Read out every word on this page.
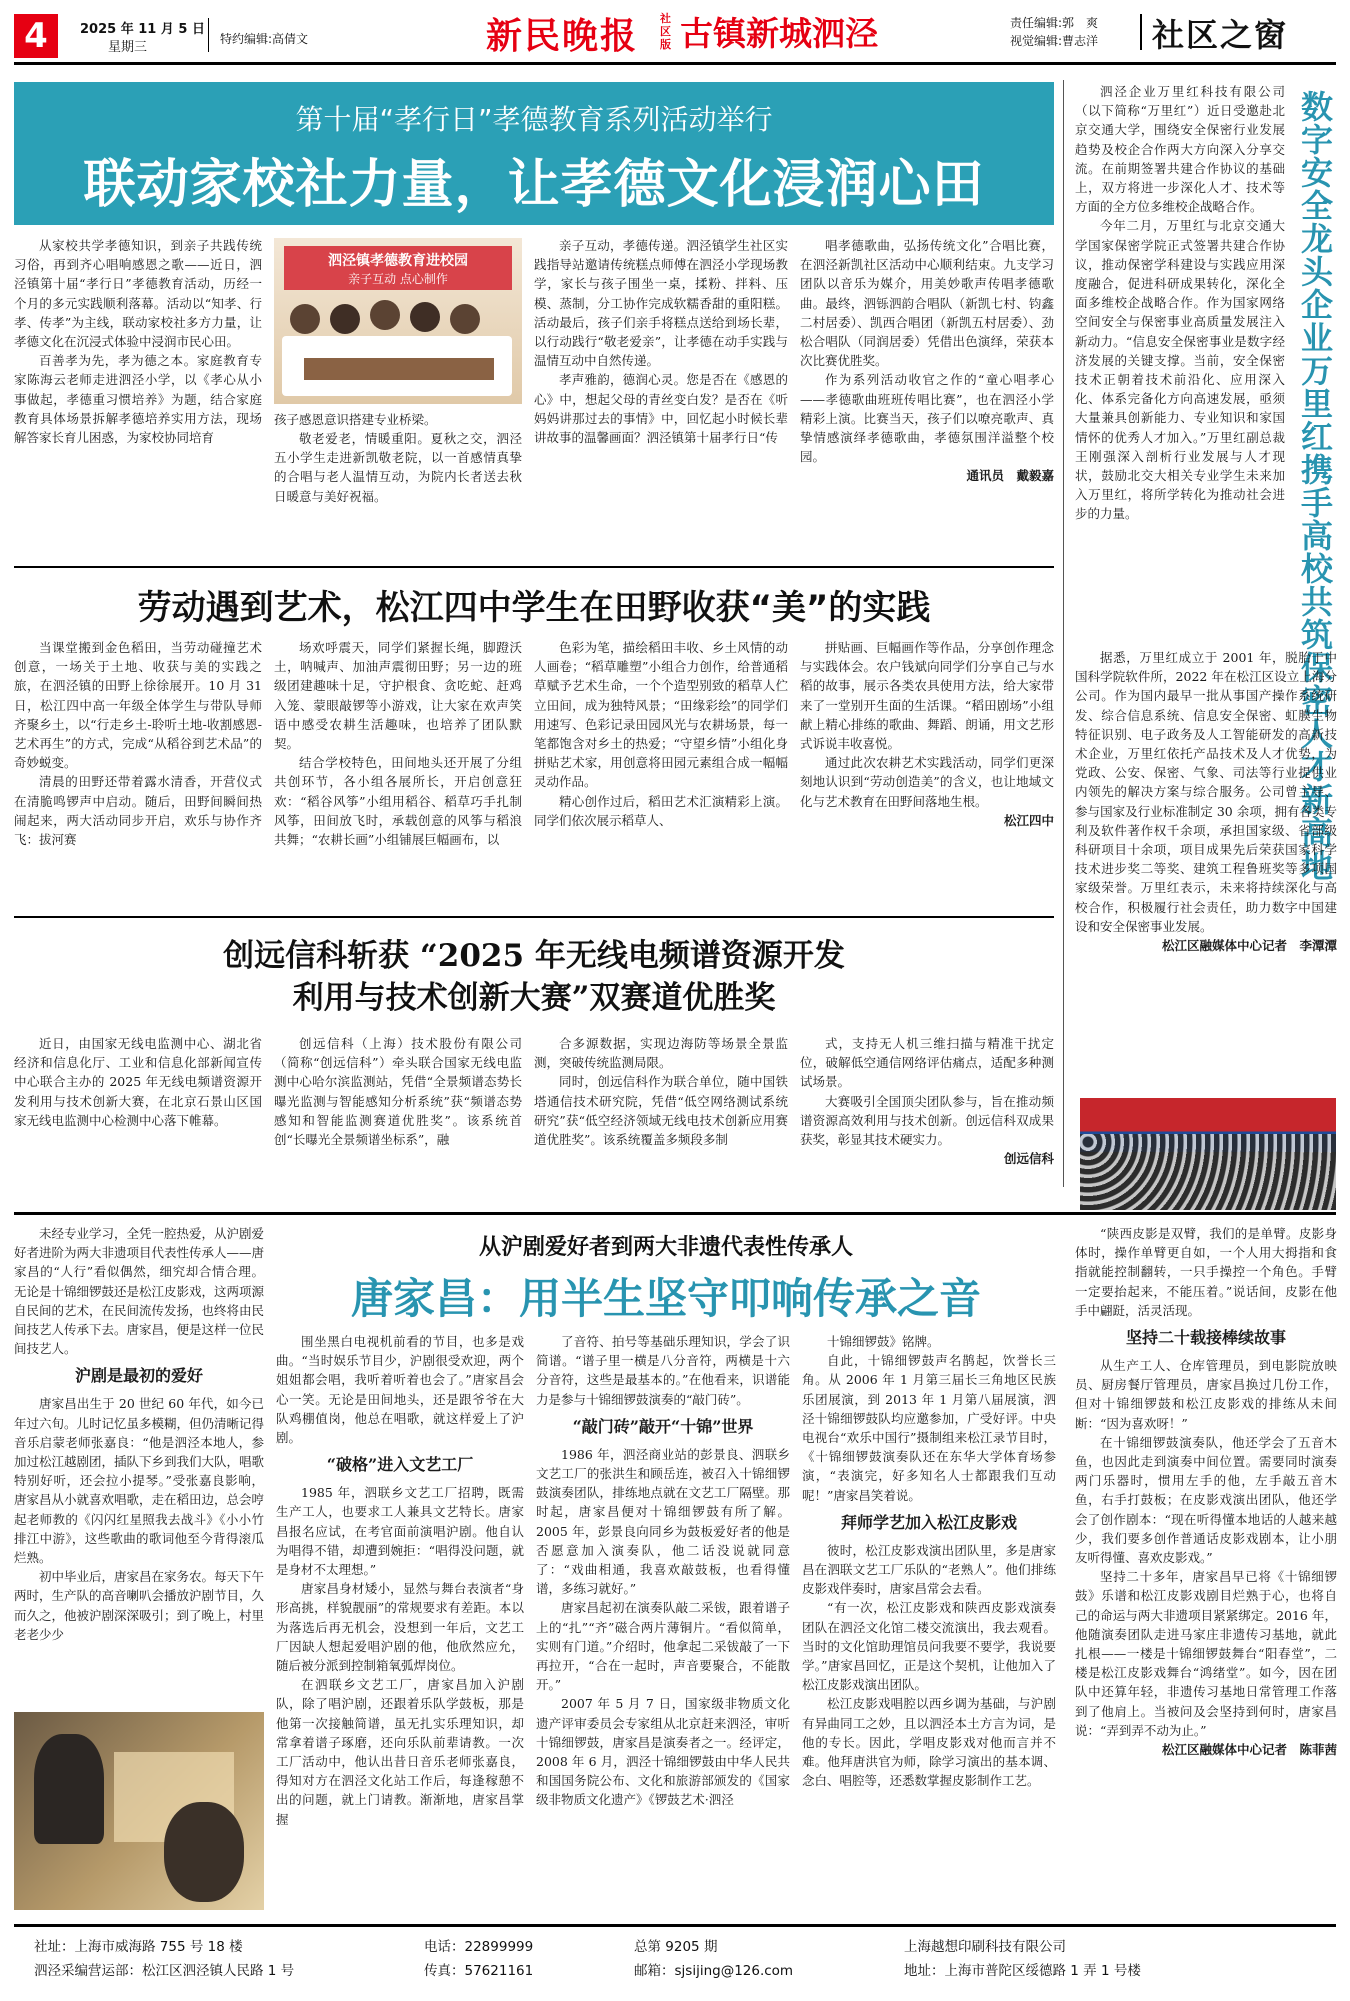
4	2025 年 11 月 5 日
星期三
特约编辑:高倩文	新民晚报 社区版 古镇新城泗泾	责任编辑:郭　爽
视觉编辑:曹志洋 社区之窗
第十届“孝行日”孝德教育系列活动举行
联动家校社力量，让孝德文化浸润心田

从家校共学孝德知识，到亲子共践传统习俗，再到齐心唱响感恩之歌——近日，泗泾镇第十届“孝行日”孝德教育活动，历经一个月的多元实践顺利落幕。活动以“知孝、行孝、传孝”为主线，联动家校社多方力量，让孝德文化在沉浸式体验中浸润市民心田。

百善孝为先，孝为德之本。家庭教育专家陈海云老师走进泗泾小学，以《孝心从小事做起，孝德重习惯培养》为题，结合家庭教育具体场景拆解孝德培养实用方法，现场解答家长育儿困惑，为家校协同培育

泗泾镇孝德教育进校园
亲子互动 点心制作
孩子感恩意识搭建专业桥梁。

敬老爱老，情暖重阳。夏秋之交，泗泾五小学生走进新凯敬老院，以一首感情真挚的合唱与老人温情互动，为院内长者送去秋日暖意与美好祝福。

亲子互动，孝德传递。泗泾镇学生社区实践指导站邀请传统糕点师傅在泗泾小学现场教学，家长与孩子围坐一桌，揉粉、拌料、压模、蒸制，分工协作完成软糯香甜的重阳糕。活动最后，孩子们亲手将糕点送给到场长辈，以行动践行“敬老爱亲”，让孝德在动手实践与温情互动中自然传递。

孝声雅韵，德润心灵。您是否在《感恩的心》中，想起父母的青丝变白发？是否在《听妈妈讲那过去的事情》中，回忆起小时候长辈讲故事的温馨画面？泗泾镇第十届孝行日“传

唱孝德歌曲，弘扬传统文化”合唱比赛，在泗泾新凯社区活动中心顺利结束。九支学习团队以音乐为媒介，用美妙歌声传唱孝德歌曲。最终，泗铄泗韵合唱队（新凯七村、钧鑫二村居委）、凯西合唱团（新凯五村居委）、劲松合唱队（同润居委）凭借出色演绎，荣获本次比赛优胜奖。

作为系列活动收官之作的“童心唱孝心——孝德歌曲班班传唱比赛”，也在泗泾小学精彩上演。比赛当天，孩子们以嘹亮歌声、真挚情感演绎孝德歌曲，孝德氛围洋溢整个校园。

通讯员　戴毅嘉

泗泾企业万里红科技有限公司（以下简称“万里红”）近日受邀赴北京交通大学，围绕安全保密行业发展趋势及校企合作两大方向深入分享交流。在前期签署共建合作协议的基础上，双方将进一步深化人才、技术等方面的全方位多维校企战略合作。

今年二月，万里红与北京交通大学国家保密学院正式签署共建合作协议，推动保密学科建设与实践应用深度融合，促进科研成果转化，深化全面多维校企战略合作。作为国家网络空间安全与保密事业高质量发展注入新动力。“信息安全保密事业是数字经济发展的关键支撑。当前，安全保密技术正朝着技术前沿化、应用深入化、体系完备化方向高速发展，亟须大量兼具创新能力、专业知识和家国情怀的优秀人才加入。”万里红副总裁王刚强深入剖析行业发展与人才现状，鼓励北交大相关专业学生未来加入万里红，将所学转化为推动社会进步的力量。	数字安全龙头企业万里红携手高校共筑保密人才新高地

据悉，万里红成立于 2001 年，脱胎于中国科学院软件所，2022 年在松江区设立上海分公司。作为国内最早一批从事国产操作系统研发、综合信息系统、信息安全保密、虹膜生物特征识别、电子政务及人工智能研发的高新技术企业，万里红依托产品技术及人才优势，为党政、公安、保密、气象、司法等行业提供业内领先的解决方案与综合服务。公司曾主导、参与国家及行业标准制定 30 余项，拥有各类专利及软件著作权千余项，承担国家级、省部级科研项目十余项，项目成果先后荣获国家科学技术进步奖二等奖、建筑工程鲁班奖等多项国家级荣誉。万里红表示，未来将持续深化与高校合作，积极履行社会责任，助力数字中国建设和安全保密事业发展。

松江区融媒体中心记者　李潭潭
劳动遇到艺术，松江四中学生在田野收获“美”的实践

当课堂搬到金色稻田，当劳动碰撞艺术创意，一场关于土地、收获与美的实践之旅，在泗泾镇的田野上徐徐展开。10 月 31 日，松江四中高一年级全体学生与带队导师齐聚乡土，以“行走乡土-聆听土地-收割感恩-艺术再生”的方式，完成“从稻谷到艺术品”的奇妙蜕变。

清晨的田野还带着露水清香，开营仪式在清脆鸣锣声中启动。随后，田野间瞬间热闹起来，两大活动同步开启，欢乐与协作齐飞：拔河赛

场欢呼震天，同学们紧握长绳，脚蹬沃土，呐喊声、加油声震彻田野；另一边的班级团建趣味十足，守护根食、贪吃蛇、赶鸡入笼、蒙眼敲锣等小游戏，让大家在欢声笑语中感受农耕生活趣味，也培养了团队默契。

结合学校特色，田间地头还开展了分组共创环节，各小组各展所长，开启创意狂欢：“稻谷风筝”小组用稻谷、稻草巧手扎制风筝，田间放飞时，承载创意的风筝与稻浪共舞；“农耕长画”小组铺展巨幅画布，以

色彩为笔，描绘稻田丰收、乡土风情的动人画卷；“稻草雕塑”小组合力创作，给普通稻草赋予艺术生命，一个个造型别致的稻草人伫立田间，成为独特风景；“田缘彩绘”的同学们用速写、色彩记录田园风光与农耕场景，每一笔都饱含对乡土的热爱；“守望乡情”小组化身拼贴艺术家，用创意将田园元素组合成一幅幅灵动作品。

精心创作过后，稻田艺术汇演精彩上演。同学们依次展示稻草人、

拼贴画、巨幅画作等作品，分享创作理念与实践体会。农户钱斌向同学们分享自己与水稻的故事，展示各类农具使用方法，给大家带来了一堂别开生面的生活课。“稻田剧场”小组献上精心排练的歌曲、舞蹈、朗诵，用文艺形式诉说丰收喜悦。

通过此次农耕艺术实践活动，同学们更深刻地认识到“劳动创造美”的含义，也让地域文化与艺术教育在田野间落地生根。

松江四中
创远信科斩获 “2025 年无线电频谱资源开发
利用与技术创新大赛”双赛道优胜奖

近日，由国家无线电监测中心、湖北省经济和信息化厅、工业和信息化部新闻宣传中心联合主办的 2025 年无线电频谱资源开发利用与技术创新大赛，在北京石景山区国家无线电监测中心检测中心落下帷幕。

创远信科（上海）技术股份有限公司（简称“创远信科”）牵头联合国家无线电监测中心哈尔滨监测站，凭借“全景频谱态势长曝光监测与智能感知分析系统”获“频谱态势感知和智能监测赛道优胜奖”。该系统首创“长曝光全景频谱坐标系”，融

合多源数据，实现边海防等场景全景监测，突破传统监测局限。

同时，创远信科作为联合单位，随中国铁塔通信技术研究院，凭借“低空网络测试系统研究”获“低空经济领域无线电技术创新应用赛道优胜奖”。该系统覆盖多频段多制

式，支持无人机三维扫描与精准干扰定位，破解低空通信网络评估痛点，适配多种测试场景。

大赛吸引全国顶尖团队参与，旨在推动频谱资源高效利用与技术创新。创远信科双成果获奖，彰显其技术硬实力。

创远信科

未经专业学习，全凭一腔热爱，从沪剧爱好者进阶为两大非遗项目代表性传承人——唐家昌的“人行”看似偶然，细究却合情合理。无论是十锦细锣鼓还是松江皮影戏，这两项源自民间的艺术，在民间流传发扬，也终将由民间技艺人传承下去。唐家昌，便是这样一位民间技艺人。

沪剧是最初的爱好

唐家昌出生于 20 世纪 60 年代，如今已年过六旬。儿时记忆虽多模糊，但仍清晰记得音乐启蒙老师张嘉良：“他是泗泾本地人，参加过松江越剧团，插队下乡到我们大队，唱歌特别好听，还会拉小提琴。”受张嘉良影响，唐家昌从小就喜欢唱歌，走在稻田边，总会哼起老师教的《闪闪红星照我去战斗》《小小竹排江中游》，这些歌曲的歌词他至今背得滚瓜烂熟。

初中毕业后，唐家昌在家务农。每天下午两时，生产队的高音喇叭会播放沪剧节目，久而久之，他被沪剧深深吸引；到了晚上，村里老老少少

从沪剧爱好者到两大非遗代表性传承人
唐家昌：用半生坚守叩响传承之音

围坐黑白电视机前看的节目，也多是戏曲。“当时娱乐节目少，沪剧很受欢迎，两个姐姐都会唱，我听着听着也会了。”唐家昌会心一笑。无论是田间地头，还是跟爷爷在大队鸡棚值岗，他总在唱歌，就这样爱上了沪剧。

“破格”进入文艺工厂

1985 年，泗联乡文艺工厂招聘，既需生产工人，也要求工人兼具文艺特长。唐家昌报名应试，在考官面前演唱沪剧。他自认为唱得不错，却遭到婉拒：“唱得没问题，就是身材不太理想。”

唐家昌身材矮小，显然与舞台表演者“身形高挑，样貌靓丽”的常规要求有差距。本以为落选后再无机会，没想到一年后，文艺工厂因缺人想起爱唱沪剧的他，他欣然应允，随后被分派到控制箱氧弧焊岗位。

在泗联乡文艺工厂，唐家昌加入沪剧队，除了唱沪剧，还跟着乐队学鼓板，那是他第一次接触简谱，虽无扎实乐理知识，却常拿着谱子琢磨，还向乐队前辈请教。一次工厂活动中，他认出昔日音乐老师张嘉良，得知对方在泗泾文化站工作后，每逢稼憩不出的问题，就上门请教。渐渐地，唐家昌掌握

了音符、拍号等基础乐理知识，学会了识简谱。“谱子里一横是八分音符，两横是十六分音符，这些是最基本的。”在他看来，识谱能力是参与十锦细锣鼓演奏的“敲门砖”。

“敲门砖”敲开“十锦”世界

1986 年，泗泾商业站的彭景良、泗联乡文艺工厂的张洪生和顾岳连，被召入十锦细锣鼓演奏团队，排练地点就在文艺工厂隔壁。那时起，唐家昌便对十锦细锣鼓有所了解。2005 年，彭景良向同乡为鼓板爱好者的他是否愿意加入演奏队，他二话没说就同意了：“戏曲相通，我喜欢敲鼓板，也看得懂谱，多练习就好。”

唐家昌起初在演奏队敲二采钹，跟着谱子上的“扎”“齐”磁合两片薄铜片。“看似简单，实则有门道。”介绍时，他拿起二采钹敲了一下再拉开，“合在一起时，声音要聚合，不能散开。”

2007 年 5 月 7 日，国家级非物质文化遗产评审委员会专家组从北京赶来泗泾，审听十锦细锣鼓，唐家昌是演奏者之一。经评定，2008 年 6 月，泗泾十锦细锣鼓由中华人民共和国国务院公布、文化和旅游部颁发的《国家级非物质文化遗产》《锣鼓艺术·泗泾

十锦细锣鼓》铭牌。

自此，十锦细锣鼓声名鹊起，饮誉长三角。从 2006 年 1 月第三届长三角地区民族乐团展演，到 2013 年 1 月第八届展演，泗泾十锦细锣鼓队均应邀参加，广受好评。中央电视台“欢乐中国行”摄制组来松江录节目时，《十锦细锣鼓演奏队还在东华大学体育场参演，“表演完，好多知名人士都跟我们互动呢！”唐家昌笑着说。

拜师学艺加入松江皮影戏

彼时，松江皮影戏演出团队里，多是唐家昌在泗联文艺工厂乐队的“老熟人”。他们排练皮影戏伴奏时，唐家昌常会去看。

“有一次，松江皮影戏和陕西皮影戏演奏团队在泗泾文化馆二楼交流演出，我去观看。当时的文化馆助理馆员问我要不要学，我说要学。”唐家昌回忆，正是这个契机，让他加入了松江皮影戏演出团队。

松江皮影戏唱腔以西乡调为基础，与沪剧有异曲同工之妙，且以泗泾本土方言为词，是他的专长。因此，学唱皮影戏对他而言并不难。他拜唐洪官为师，除学习演出的基本调、念白、唱腔等，还悉数掌握皮影制作工艺。

“陕西皮影是双臂，我们的是单臂。皮影身体时，操作单臂更自如，一个人用大拇指和食指就能控制翻转，一只手操控一个角色。手臂一定要抬起来，不能压着。”说话间，皮影在他手中翩跹，活灵活现。

坚持二十载接棒续故事

从生产工人、仓库管理员，到电影院放映员、厨房餐厅管理员，唐家昌换过几份工作，但对十锦细锣鼓和松江皮影戏的排练从未间断：“因为喜欢呀！”

在十锦细锣鼓演奏队，他还学会了五音木鱼，也因此走到演奏中间位置。需要同时演奏两门乐器时，惯用左手的他，左手敲五音木鱼，右手打鼓板；在皮影戏演出团队，他还学会了创作剧本：“现在听得懂本地话的人越来越少，我们要多创作普通话皮影戏剧本，让小朋友听得懂、喜欢皮影戏。”

坚持二十多年，唐家昌早已将《十锦细锣鼓》乐谱和松江皮影戏剧目烂熟于心，也将自己的命运与两大非遗项目紧紧绑定。2016 年，他随演奏团队走进马家庄非遗传习基地，就此扎根——一楼是十锦细锣鼓舞台“阳春堂”，二楼是松江皮影戏舞台“鸿绪堂”。如今，因在团队中还算年轻，非遗传习基地日常管理工作落到了他肩上。当被问及会坚持到何时，唐家昌说：“弄到弄不动为止。”

松江区融媒体中心记者　陈菲茜
社址：上海市威海路 755 号 18 楼
泗泾采编营运部：松江区泗泾镇人民路 1 号
电话：22899999
传真：57621161
总第 9205 期
邮箱：sjsijing@126.com
上海越想印刷科技有限公司
地址：上海市普陀区绥德路 1 弄 1 号楼
